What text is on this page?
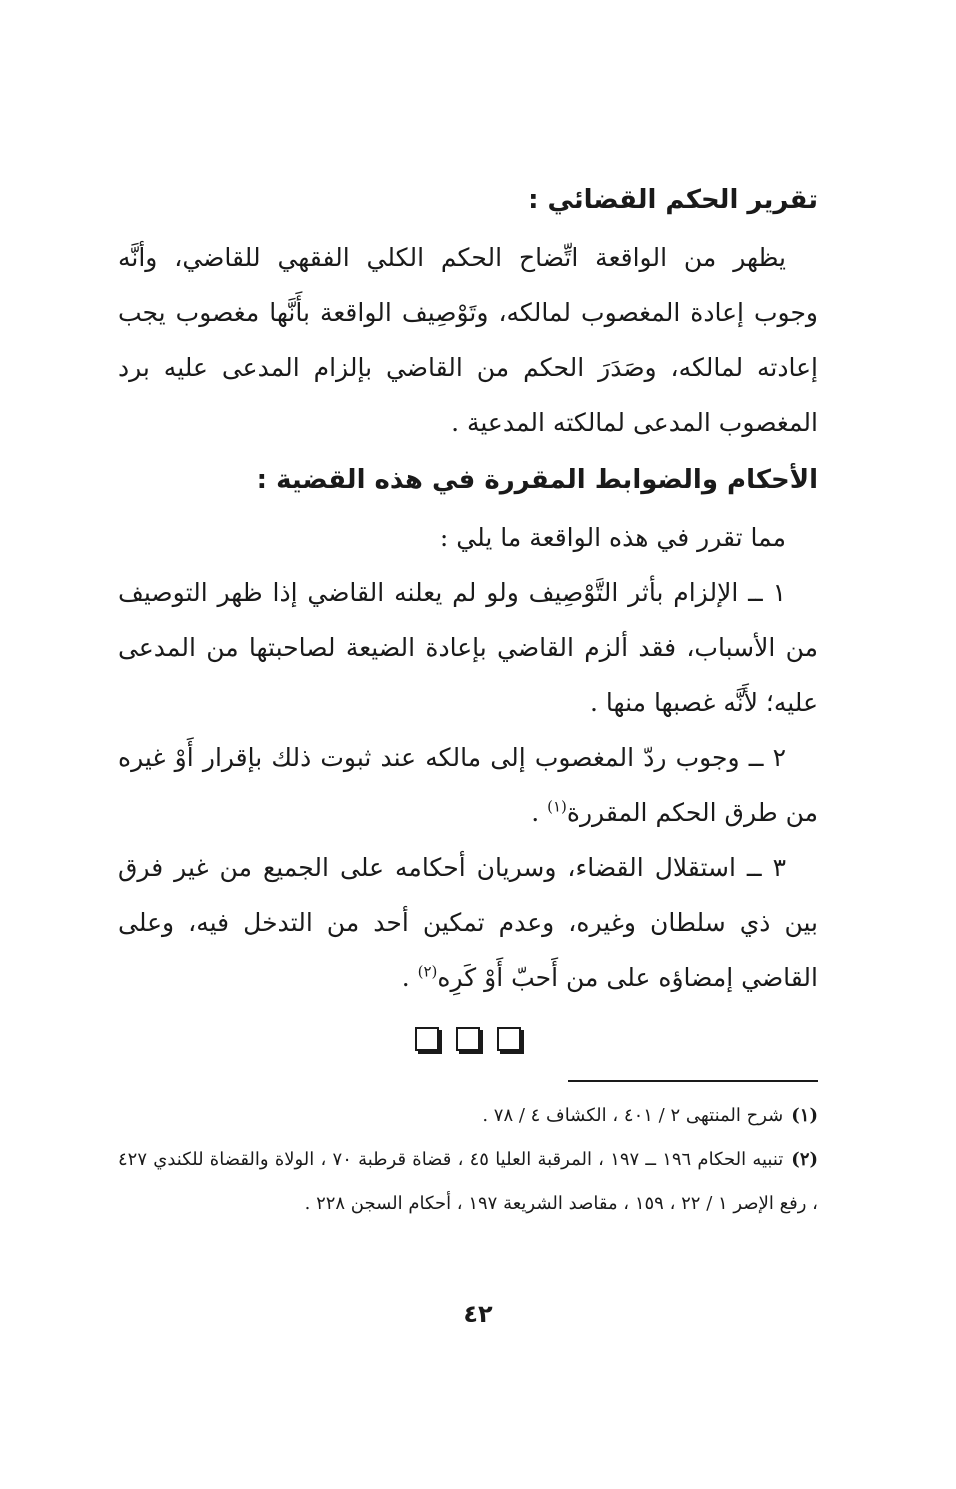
تقرير الحكم القضائي :

يظهر من الواقعة اتِّضاح الحكم الكلي الفقهي للقاضي، وأنَّه وجوب إعادة المغصوب لمالكه، وتَوْصِيف الواقعة بأَنَّها مغصوب يجب إعادته لمالكه، وصَدَرَ الحكم من القاضي بإلزام المدعى عليه برد المغصوب المدعى لمالكته المدعية .

الأحكام والضوابط المقررة في هذه القضية :

مما تقرر في هذه الواقعة ما يلي :

١ ــ الإلزام بأثر التَّوْصِيف ولو لم يعلنه القاضي إذا ظهر التوصيف من الأسباب، فقد ألزم القاضي بإعادة الضيعة لصاحبتها من المدعى عليه؛ لأَنَّه غصبها منها .

٢ ــ وجوب ردّ المغصوب إلى مالكه عند ثبوت ذلك بإقرار أَوْ غيره من طرق الحكم المقررة$^{(١)}$ .

٣ ــ استقلال القضاء، وسريان أحكامه على الجميع من غير فرق بين ذي سلطان وغيره، وعدم تمكين أحد من التدخل فيه، وعلى القاضي إمضاؤه على من أَحبّ أَوْ كَرِه$^{(٢)}$ .

(١)شرح المنتهى ٢ / ٤٠١ ، الكشاف ٤ / ٧٨ .

(٢)تنبيه الحكام ١٩٦ ــ ١٩٧ ، المرقبة العليا ٤٥ ، قضاة قرطبة ٧٠ ، الولاة والقضاة للكندي ٤٢٧ ، رفع الإصر ١ / ٢٢ ، ١٥٩ ، مقاصد الشريعة ١٩٧ ، أحكام السجن ٢٢٨ .

٤٢
